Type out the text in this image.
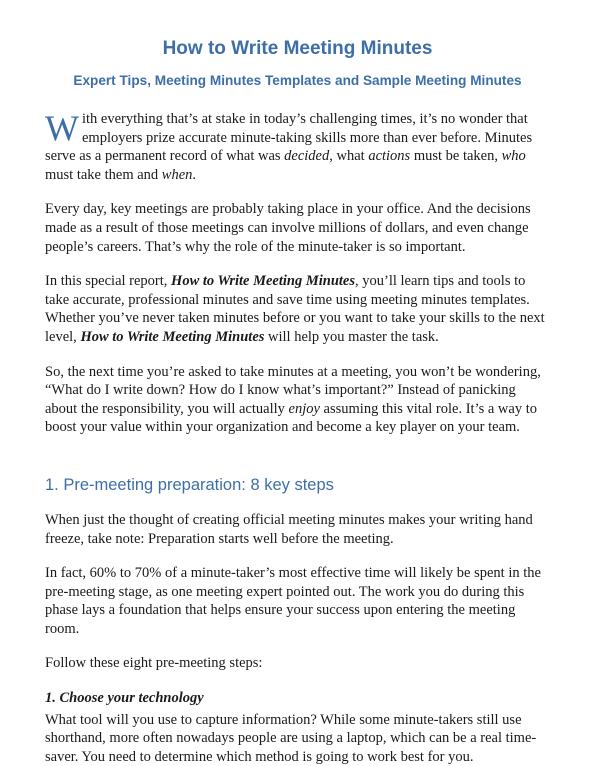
How to Write Meeting Minutes
Expert Tips, Meeting Minutes Templates and Sample Meeting Minutes

With everything that’s at stake in today’s challenging times, it’s no wonder that employers prize accurate minute-taking skills more than ever before. Minutes serve as a permanent record of what was decided, what actions must be taken, who must take them and when.

Every day, key meetings are probably taking place in your office. And the decisions made as a result of those meetings can involve millions of dollars, and even change people’s careers. That’s why the role of the minute-taker is so important.

In this special report, How to Write Meeting Minutes, you’ll learn tips and tools to take accurate, professional minutes and save time using meeting minutes templates. Whether you’ve never taken minutes before or you want to take your skills to the next level, How to Write Meeting Minutes will help you master the task.

So, the next time you’re asked to take minutes at a meeting, you won’t be wondering, “What do I write down? How do I know what’s important?” Instead of panicking about the responsibility, you will actually enjoy assuming this vital role. It’s a way to boost your value within your organization and become a key player on your team.

1. Pre-meeting preparation: 8 key steps

When just the thought of creating official meeting minutes makes your writing hand freeze, take note: Preparation starts well before the meeting.

In fact, 60% to 70% of a minute-taker’s most effective time will likely be spent in the pre-meeting stage, as one meeting expert pointed out. The work you do during this phase lays a foundation that helps ensure your success upon entering the meeting room.

Follow these eight pre-meeting steps:

1. Choose your technology

What tool will you use to capture information? While some minute-takers still use shorthand, more often nowadays people are using a laptop, which can be a real time-saver. You need to determine which method is going to work best for you.
